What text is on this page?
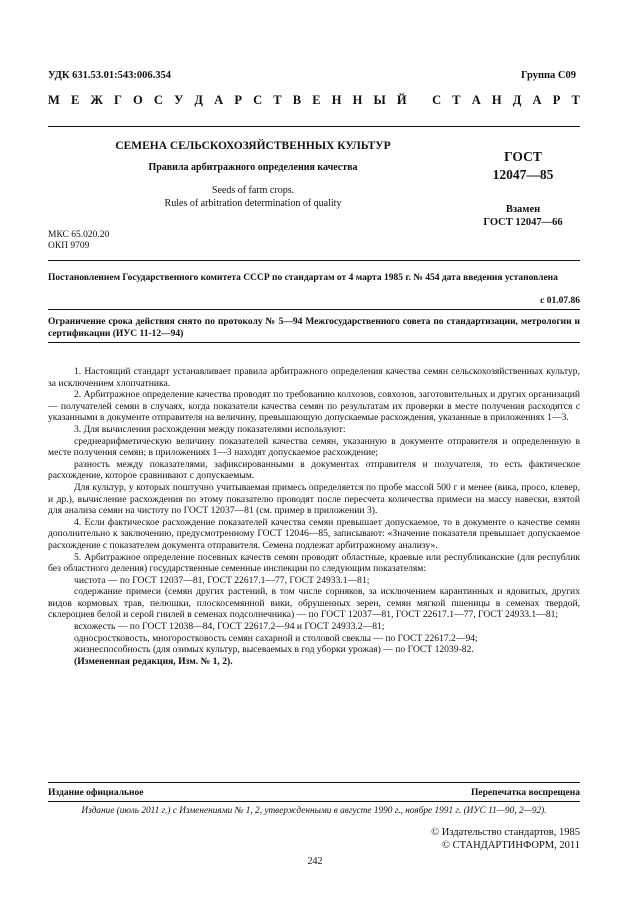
УДК 631.53.01:543:006.354	Группа С09
М Е Ж Г О С У Д А Р С Т В Е Н Н Ы Й
С Т А Н Д А Р Т
СЕМЕНА СЕЛЬСКОХОЗЯЙСТВЕННЫХ КУЛЬТУР
Правила арбитражного определения качества
Seeds of farm crops.
Rules of arbitration determination of quality
ГОСТ
12047—85
Взамен
ГОСТ 12047—66
МКС 65.020.20
ОКП 9709
Постановлением Государственного комитета СССР по стандартам от 4 марта 1985 г. № 454 дата введения установлена
с 01.07.86
Ограничение срока действия снято по протоколу № 5—94 Межгосударственного совета по стандартизации, метрологии и сертификации (ИУС 11-12—94)

1. Настоящий стандарт устанавливает правила арбитражного определения качества семян сельскохозяйственных культур, за исключением хлопчатника.

2. Арбитражное определение качества проводят по требованию колхозов, совхозов, заготовительных и других организаций — получателей семян в случаях, когда показатели качества семян по результатам их проверки в месте получения расходятся с указанными в документе отправителя на величину, превышающую допускаемые расхождения, указанные в приложениях 1—3.

3. Для вычисления расхождения между показателями используют:

среднеарифметическую величину показателей качества семян, указанную в документе отправителя и определенную в месте получения семян; в приложениях 1—3 находят допускаемое расхождение;

разность между показателями, зафиксированными в документах отправителя и получателя, то есть фактическое расхождение, которое сравнивают с допускаемым.

Для культур, у которых поштучно учитываемая примесь определяется по пробе массой 500 г и менее (вика, просо, клевер, и др.), вычисление расхождения по этому показателю проводят после пересчета количества примеси на массу навески, взятой для анализа семян на чистоту по ГОСТ 12037—81 (см. пример в приложении 3).

4. Если фактическое расхождение показателей качества семян превышает допускаемое, то в документе о качестве семян дополнительно к заключению, предусмотренному ГОСТ 12046—85, записывают: «Значение показателя превышает допускаемое расхождение с показателем документа отправителя. Семена подлежат арбитражному анализу».

5. Арбитражное определение посевных качеств семян проводят областные, краевые или республиканские (для республик без областного деления) государственные семенные инспекции по следующим показателям:

чистота — по ГОСТ 12037—81, ГОСТ 22617.1—77, ГОСТ 24933.1—81;

содержание примеси (семян других растений, в том числе сорняков, за исключением карантинных и ядовитых, других видов кормовых трав, пелюшки, плоскосемянной вики, обрушенных зерен, семян мягкой пшеницы в семенах твердой, склероциев белой и серой гнилей в семенах подсолнечника) — по ГОСТ 12037—81, ГОСТ 22617.1—77, ГОСТ 24933.1—81;

всхожесть — по ГОСТ 12038—84, ГОСТ 22617.2—94 и ГОСТ 24933.2—81;

односростковость, многоростковость семян сахарной и столовой свеклы — по ГОСТ 22617.2—94;

жизнеспособность (для озимых культур, высеваемых в год уборки урожая) — по ГОСТ 12039-82.

(Измененная редакция, Изм. № 1, 2).

Издание официальное	Перепечатка воспрещена
Издание (июль 2011 г.) с Изменениями № 1, 2, утвержденными в августе 1990 г., ноябре 1991 г. (ИУС 11—90, 2—92).
© Издательство стандартов, 1985
© СТАНДАРТИНФОРМ, 2011
242
